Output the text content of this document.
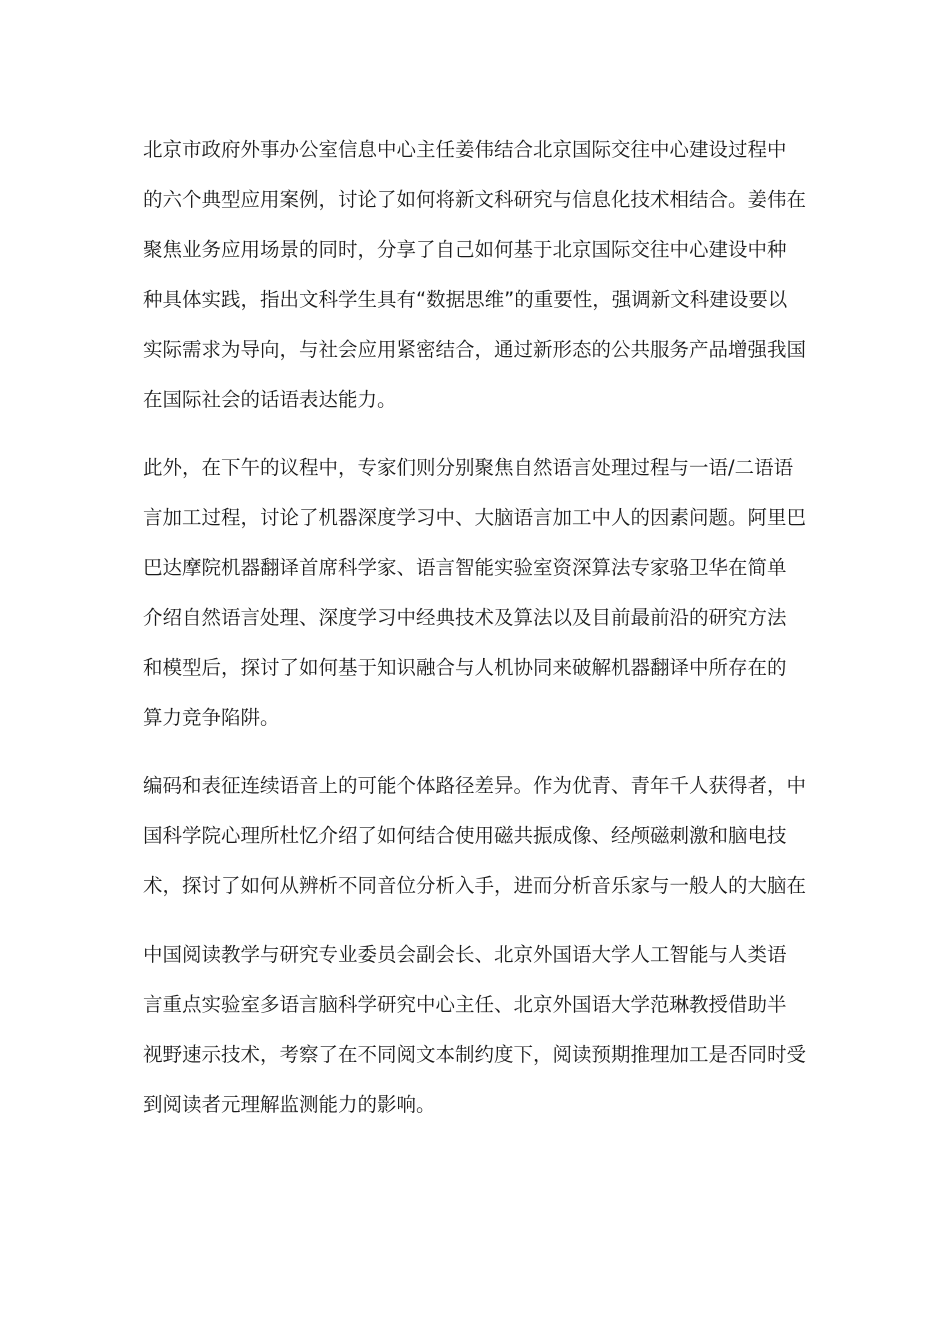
北京市政府外事办公室信息中心主任姜伟结合北京国际交往中心建设过程中
的六个典型应用案例，讨论了如何将新文科研究与信息化技术相结合。姜伟在
聚焦业务应用场景的同时，分享了自己如何基于北京国际交往中心建设中种
种具体实践，指出文科学生具有“数据思维”的重要性，强调新文科建设要以
实际需求为导向，与社会应用紧密结合，通过新形态的公共服务产品增强我国
在国际社会的话语表达能力。

此外，在下午的议程中，专家们则分别聚焦自然语言处理过程与一语/二语语
言加工过程，讨论了机器深度学习中、大脑语言加工中人的因素问题。阿里巴
巴达摩院机器翻译首席科学家、语言智能实验室资深算法专家骆卫华在简单
介绍自然语言处理、深度学习中经典技术及算法以及目前最前沿的研究方法
和模型后，探讨了如何基于知识融合与人机协同来破解机器翻译中所存在的
算力竞争陷阱。

编码和表征连续语音上的可能个体路径差异。作为优青、青年千人获得者，中
国科学院心理所杜忆介绍了如何结合使用磁共振成像、经颅磁刺激和脑电技
术，探讨了如何从辨析不同音位分析入手，进而分析音乐家与一般人的大脑在

中国阅读教学与研究专业委员会副会长、北京外国语大学人工智能与人类语
言重点实验室多语言脑科学研究中心主任、北京外国语大学范琳教授借助半
视野速示技术，考察了在不同阅文本制约度下，阅读预期推理加工是否同时受
到阅读者元理解监测能力的影响。
